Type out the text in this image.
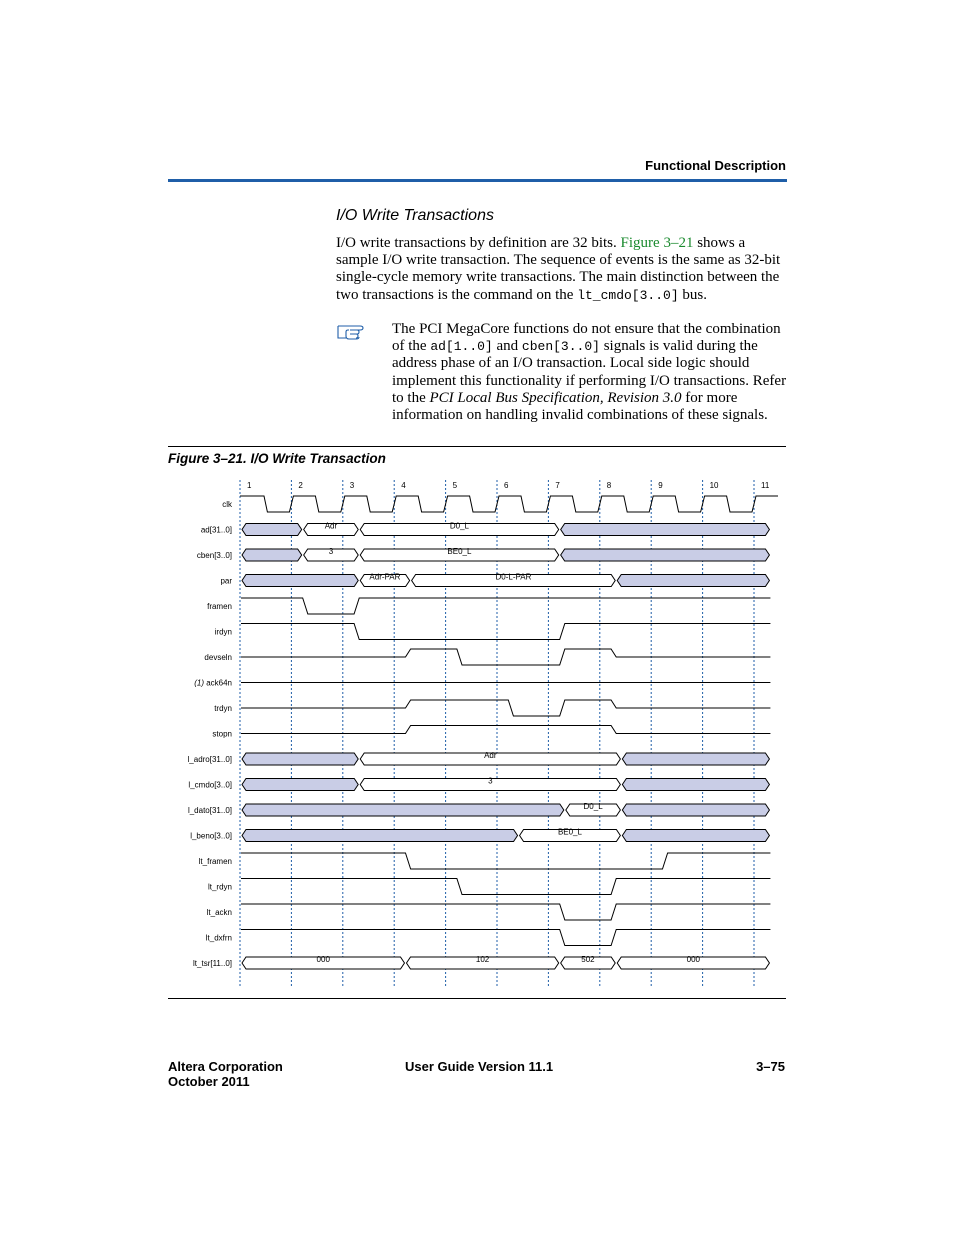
Functional Description
I/O Write Transactions
I/O write transactions by definition are 32 bits. Figure 3–21 shows a sample I/O write transaction. The sequence of events is the same as 32-bit single-cycle memory write transactions. The main distinction between the two transactions is the command on the lt_cmdo[3..0] bus.
The PCI MegaCore functions do not ensure that the combination of the ad[1..0] and cben[3..0] signals is valid during the address phase of an I/O transaction. Local side logic should implement this functionality if performing I/O transactions. Refer to the PCI Local Bus Specification, Revision 3.0 for more information on handling invalid combinations of these signals.
Figure 3–21. I/O Write Transaction
1	2	3	4	5	6	7	8	9	10	11
clk
ad[31..0]	Adr	D0_L
cben[3..0]	3	BE0_L
par	Adr-PAR	D0-L-PAR
framen
irdyn
devseln
(1) ack64n
trdyn
stopn
l_adro[31..0]	Adr
l_cmdo[3..0]	3
l_dato[31..0]	D0_L
l_beno[3..0]	BE0_L
lt_framen
lt_rdyn
lt_ackn
lt_dxfrn
lt_tsr[11..0]	000	102	502	000
Altera Corporation
October 2011
User Guide Version 11.1	3–75
